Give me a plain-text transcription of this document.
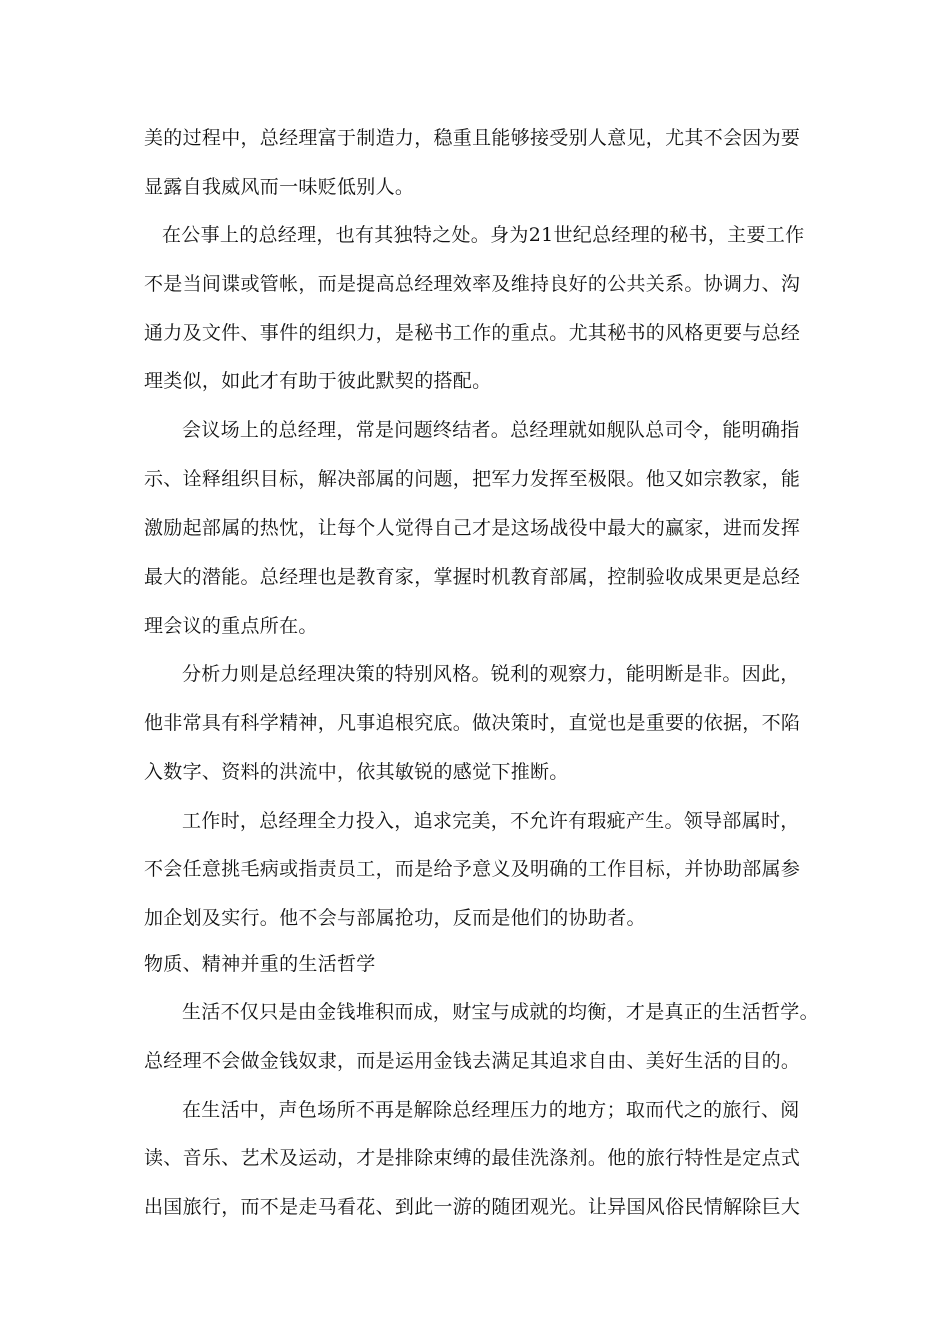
美的过程中，总经理富于制造力，稳重且能够接受别人意见，尤其不会因为要
显露自我威风而一味贬低别人。
在公事上的总经理，也有其独特之处。身为21世纪总经理的秘书，主要工作
不是当间谍或管帐，而是提高总经理效率及维持良好的公共关系。协调力、沟
通力及文件、事件的组织力，是秘书工作的重点。尤其秘书的风格更要与总经
理类似，如此才有助于彼此默契的搭配。
会议场上的总经理，常是问题终结者。总经理就如舰队总司令，能明确指
示、诠释组织目标，解决部属的问题，把军力发挥至极限。他又如宗教家，能
激励起部属的热忱，让每个人觉得自己才是这场战役中最大的赢家，进而发挥
最大的潜能。总经理也是教育家，掌握时机教育部属，控制验收成果更是总经
理会议的重点所在。
分析力则是总经理决策的特别风格。锐利的观察力，能明断是非。因此，
他非常具有科学精神，凡事追根究底。做决策时，直觉也是重要的依据，不陷
入数字、资料的洪流中，依其敏锐的感觉下推断。
工作时，总经理全力投入，追求完美，不允许有瑕疵产生。领导部属时，
不会任意挑毛病或指责员工，而是给予意义及明确的工作目标，并协助部属参
加企划及实行。他不会与部属抢功，反而是他们的协助者。
物质、精神并重的生活哲学
生活不仅只是由金钱堆积而成，财宝与成就的均衡，才是真正的生活哲学。
总经理不会做金钱奴隶，而是运用金钱去满足其追求自由、美好生活的目的。
在生活中，声色场所不再是解除总经理压力的地方；取而代之的旅行、阅
读、音乐、艺术及运动，才是排除束缚的最佳洗涤剂。他的旅行特性是定点式
出国旅行，而不是走马看花、到此一游的随团观光。让异国风俗民情解除巨大
